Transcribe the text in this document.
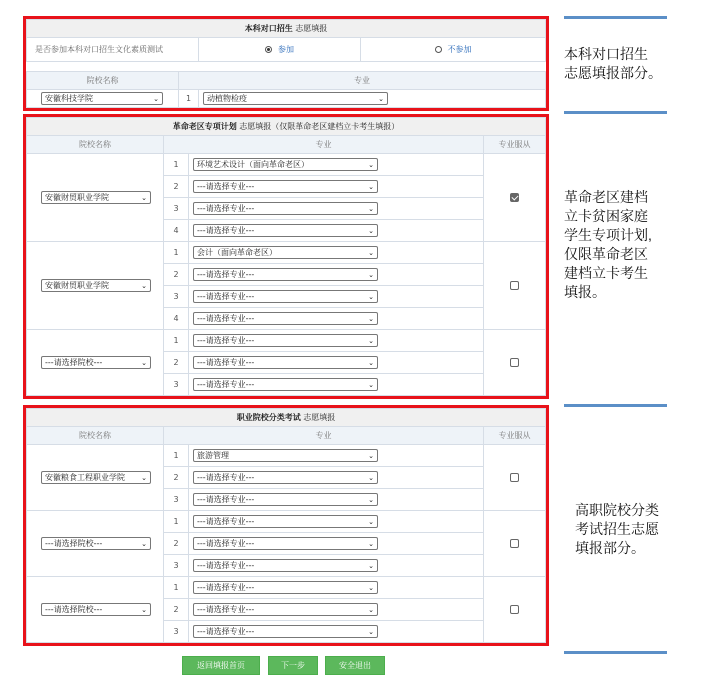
本科对口招生 志愿填报			
是否参加本科对口招生文化素质测试		参加	不参加

院校名称	专业		

安徽科技学院 ⌄	1	动植物检疫 ⌄	
革命老区专项计划 志愿填报（仅限革命老区建档立卡考生填报）			
院校名称	专业		专业服从

安徽财贸职业学院 ⌄	1	环境艺术设计（面向革命老区） ⌄	

	2	---请选择专业--- ⌄	

	3	---请选择专业--- ⌄	

	4	---请选择专业--- ⌄	

安徽财贸职业学院 ⌄	1	会计（面向革命老区） ⌄	

	2	---请选择专业--- ⌄	

	3	---请选择专业--- ⌄	

	4	---请选择专业--- ⌄	

---请选择院校--- ⌄	1	---请选择专业--- ⌄	

	2	---请选择专业--- ⌄	

	3	---请选择专业--- ⌄	
职业院校分类考试 志愿填报			
院校名称	专业		专业服从

安徽粮食工程职业学院 ⌄	1	旅游管理 ⌄	

	2	---请选择专业--- ⌄	

	3	---请选择专业--- ⌄	

---请选择院校--- ⌄	1	---请选择专业--- ⌄	

	2	---请选择专业--- ⌄	

	3	---请选择专业--- ⌄	

---请选择院校--- ⌄	1	---请选择专业--- ⌄	

	2	---请选择专业--- ⌄	

	3	---请选择专业--- ⌄	
本科对口招生
志愿填报部分。
革命老区建档
立卡贫困家庭
学生专项计划,
仅限革命老区
建档立卡考生
填报。
高职院校分类
考试招生志愿
填报部分。
返回填报首页	下一步	安全退出
